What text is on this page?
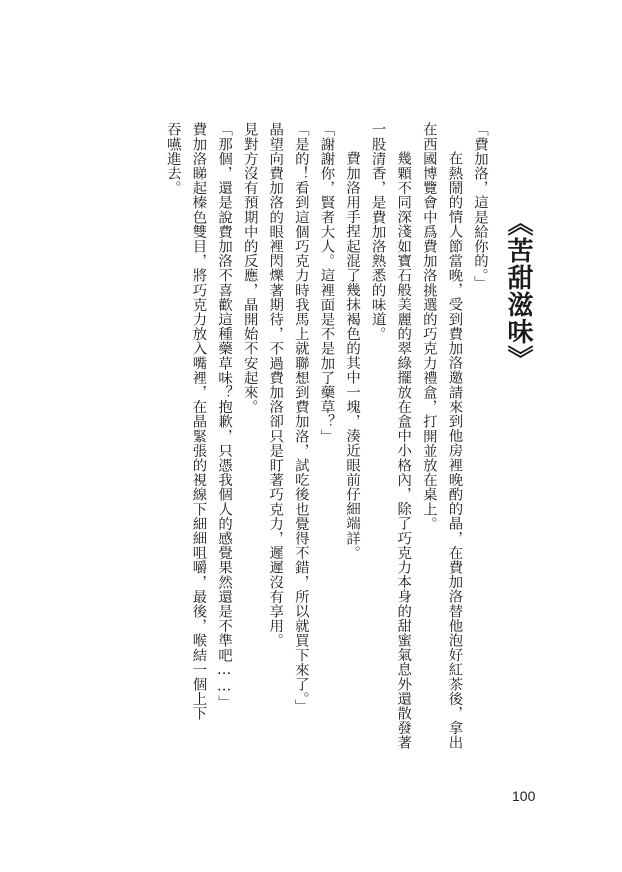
《苦甜滋味》

「費加洛，這是給你的。」

在熱鬧的情人節當晚，受到費加洛邀請來到他房裡晚酌的晶，在費加洛替他泡好紅茶後，拿出

在西國博覽會中爲費加洛挑選的巧克力禮盒，打開並放在桌上。

幾顆不同深淺如寶石般美麗的翠綠擺放在盒中小格內，除了巧克力本身的甜蜜氣息外還散發著

一股清香，是費加洛熟悉的味道。

費加洛用手捏起混了幾抹褐色的其中一塊，湊近眼前仔細端詳。

「謝謝你，賢者大人。這裡面是不是加了藥草？」

「是的！看到這個巧克力時我馬上就聯想到費加洛，試吃後也覺得不錯，所以就買下來了。」

晶望向費加洛的眼裡閃爍著期待，不過費加洛卻只是盯著巧克力，遲遲沒有享用。

見對方沒有預期中的反應，晶開始不安起來。

「那個，還是說費加洛不喜歡這種藥草味？抱歉，只憑我個人的感覺果然還是不準吧……」

費加洛睇起榛色雙目，將巧克力放入嘴裡，在晶緊張的視線下細細咀嚼，最後，喉結一個上下

吞嚥進去。

100
